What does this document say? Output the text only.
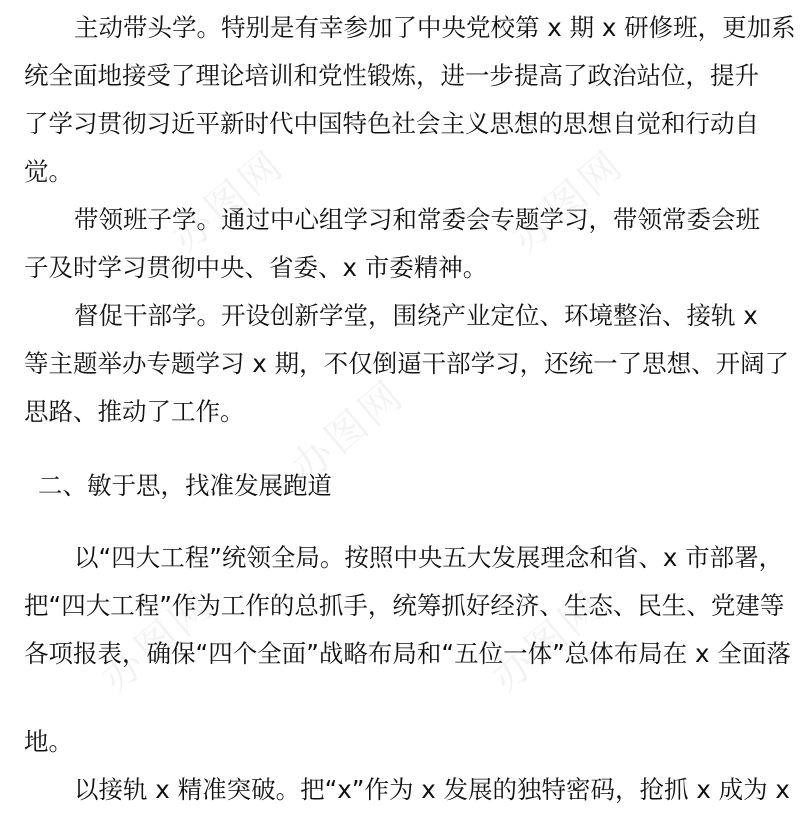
主动带头学。特别是有幸参加了中央党校第 x 期 x 研修班，更加系
统全面地接受了理论培训和党性锻炼，进一步提高了政治站位，提升
了学习贯彻习近平新时代中国特色社会主义思想的思想自觉和行动自
觉。

带领班子学。通过中心组学习和常委会专题学习，带领常委会班
子及时学习贯彻中央、省委、x 市委精神。

督促干部学。开设创新学堂，围绕产业定位、环境整治、接轨 x
等主题举办专题学习 x 期，不仅倒逼干部学习，还统一了思想、开阔了
思路、推动了工作。

二、敏于思，找准发展跑道

以“四大工程”统领全局。按照中央五大发展理念和省、x 市部署，
把“四大工程”作为工作的总抓手，统筹抓好经济、生态、民生、党建等
各项报表，确保“四个全面”战略布局和“五位一体”总体布局在 x 全面落

地。

以接轨 x 精准突破。把“x”作为 x 发展的独特密码，抢抓 x 成为 x

办图网	办图网
办图网
办图网	办图网
